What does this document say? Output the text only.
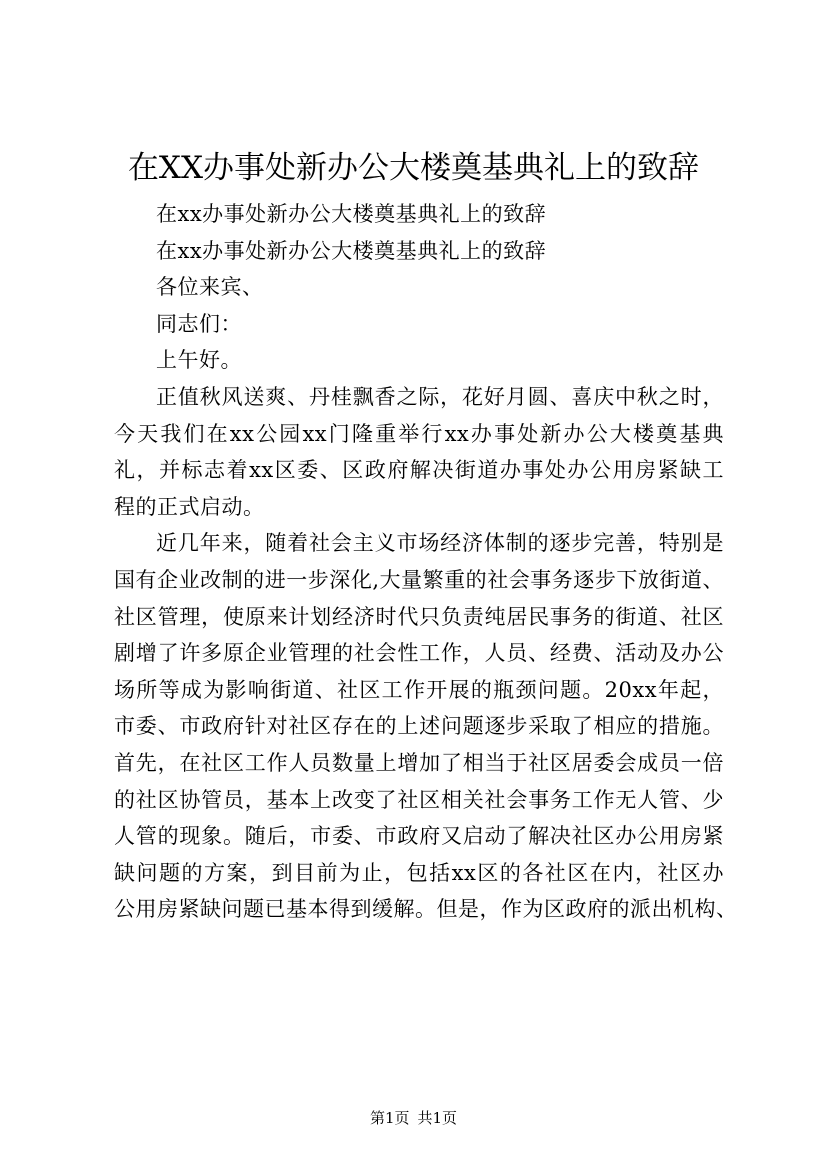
在XX办事处新办公大楼奠基典礼上的致辞
在xx办事处新办公大楼奠基典礼上的致辞
在xx办事处新办公大楼奠基典礼上的致辞
各位来宾、
同志们：
上午好。
正值秋风送爽、丹桂飘香之际，花好月圆、喜庆中秋之时，
今天我们在xx公园xx门隆重举行xx办事处新办公大楼奠基典
礼，并标志着xx区委、区政府解决街道办事处办公用房紧缺工
程的正式启动。
近几年来，随着社会主义市场经济体制的逐步完善，特别是
国有企业改制的进一步深化,大量繁重的社会事务逐步下放街道、
社区管理，使原来计划经济时代只负责纯居民事务的街道、社区
剧增了许多原企业管理的社会性工作，人员、经费、活动及办公
场所等成为影响街道、社区工作开展的瓶颈问题。20xx年起，
市委、市政府针对社区存在的上述问题逐步采取了相应的措施。
首先，在社区工作人员数量上增加了相当于社区居委会成员一倍
的社区协管员，基本上改变了社区相关社会事务工作无人管、少
人管的现象。随后，市委、市政府又启动了解决社区办公用房紧
缺问题的方案，到目前为止，包括xx区的各社区在内，社区办
公用房紧缺问题已基本得到缓解。但是，作为区政府的派出机构、
第1页 共1页
